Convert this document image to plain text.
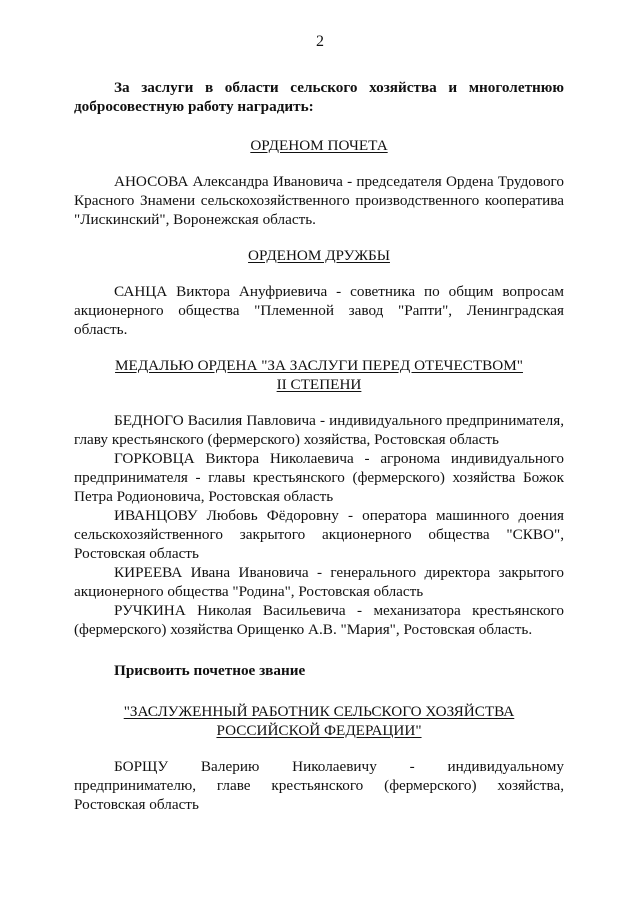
2

За заслуги в области сельского хозяйства и многолетнюю добросовестную работу наградить:

ОРДЕНОМ ПОЧЕТА

АНОСОВА Александра Ивановича - председателя Ордена Трудового Красного Знамени сельскохозяйственного производственного кооператива "Лискинский", Воронежская область.

ОРДЕНОМ ДРУЖБЫ

САНЦА Виктора Ануфриевича - советника по общим вопросам акционерного общества "Племенной завод "Рапти", Ленинградская область.

МЕДАЛЬЮ ОРДЕНА "ЗА ЗАСЛУГИ ПЕРЕД ОТЕЧЕСТВОМ"

II СТЕПЕНИ

БЕДНОГО Василия Павловича - индивидуального предпринимателя, главу крестьянского (фермерского) хозяйства, Ростовская область

ГОРКОВЦА Виктора Николаевича - агронома индивидуального предпринимателя - главы крестьянского (фермерского) хозяйства Божок Петра Родионовича, Ростовская область

ИВАНЦОВУ Любовь Фёдоровну - оператора машинного доения сельскохозяйственного закрытого акционерного общества "СКВО", Ростовская область

КИРЕЕВА Ивана Ивановича - генерального директора закрытого акционерного общества "Родина", Ростовская область

РУЧКИНА Николая Васильевича - механизатора крестьянского (фермерского) хозяйства Орищенко А.В. "Мария", Ростовская область.

Присвоить почетное звание

"ЗАСЛУЖЕННЫЙ РАБОТНИК СЕЛЬСКОГО ХОЗЯЙСТВА

РОССИЙСКОЙ ФЕДЕРАЦИИ"

БОРЩУ Валерию Николаевичу - индивидуальному предпринимателю, главе крестьянского (фермерского) хозяйства, Ростовская область
